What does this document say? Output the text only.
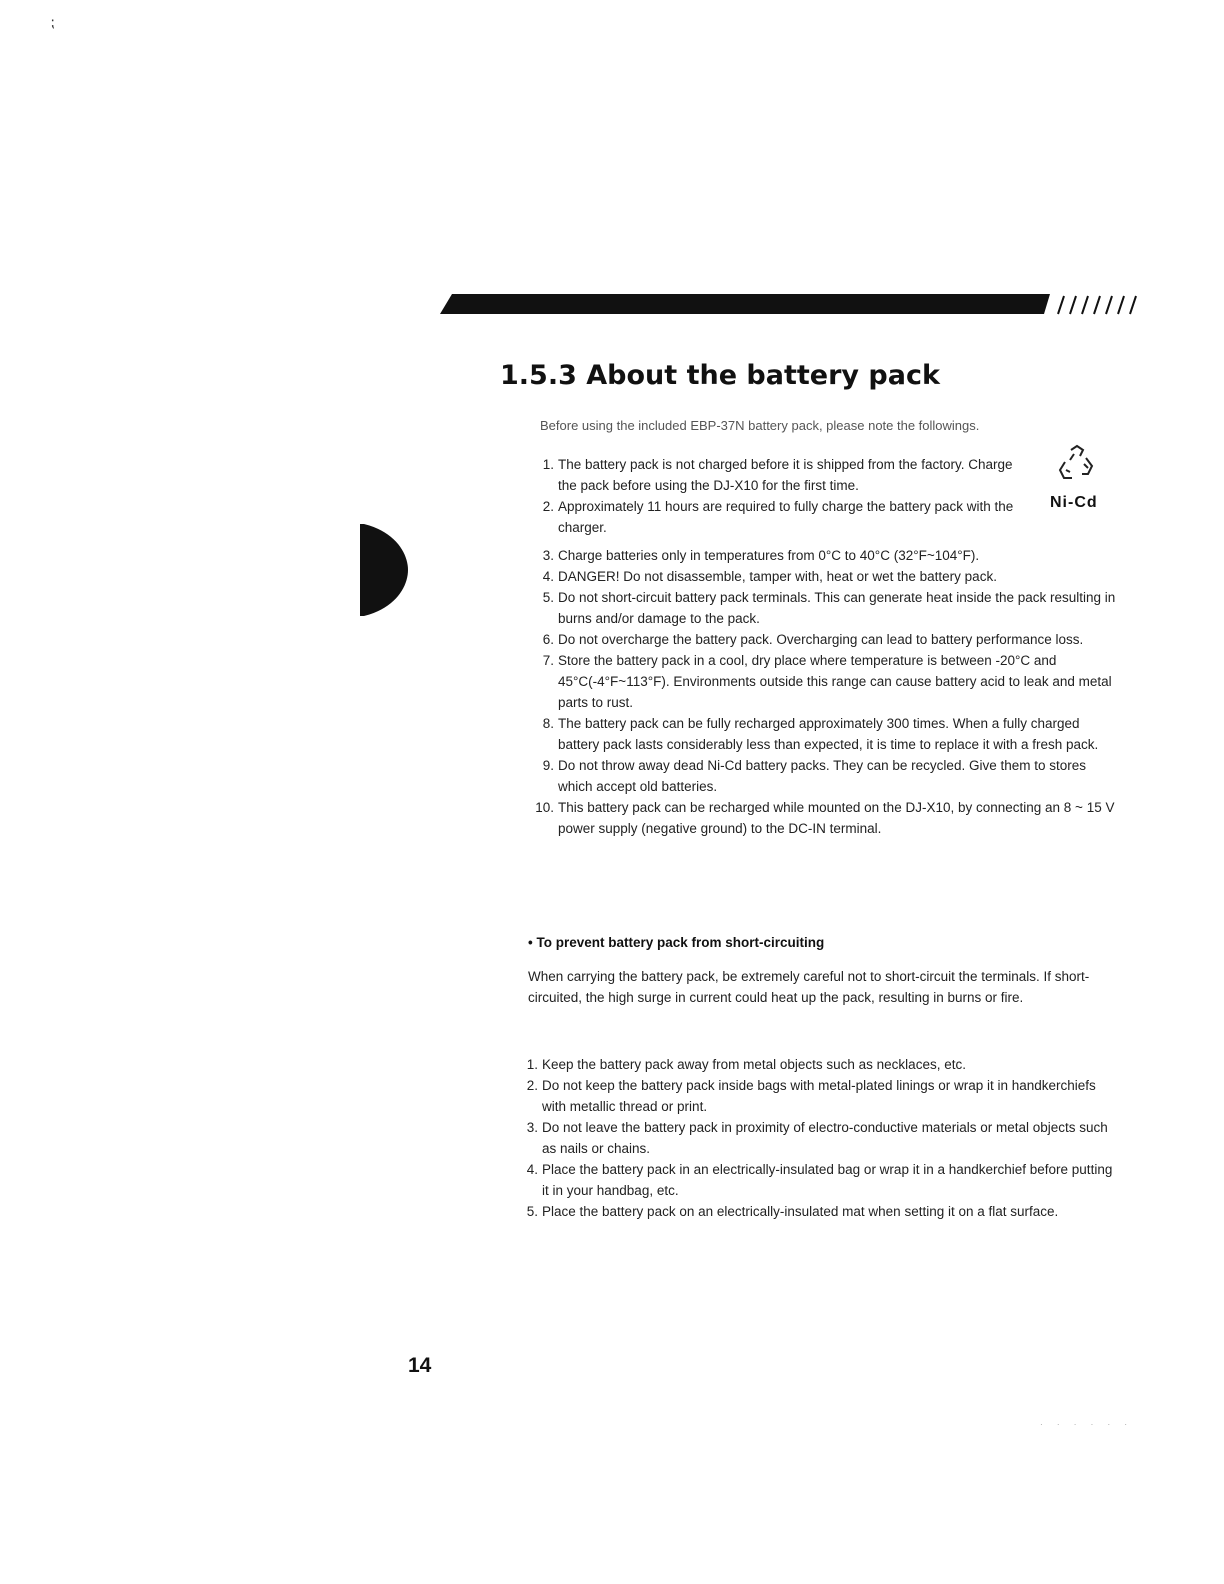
⁏
1.5.3 About the battery pack

Before using the included EBP-37N battery pack, please note the followings.

Ni-Cd
1. The battery pack is not charged before it is shipped from the factory. Charge the pack before using the DJ-X10 for the first time.
2. Approximately 11 hours are required to fully charge the battery pack with the charger.
3. Charge batteries only in temperatures from 0°C to 40°C (32°F~104°F).
4. DANGER! Do not disassemble, tamper with, heat or wet the battery pack.
5. Do not short-circuit battery pack terminals. This can generate heat inside the pack resulting in burns and/or damage to the pack.
6. Do not overcharge the battery pack. Overcharging can lead to battery performance loss.
7. Store the battery pack in a cool, dry place where temperature is between -20°C and 45°C(-4°F~113°F). Environments outside this range can cause battery acid to leak and metal parts to rust.
8. The battery pack can be fully recharged approximately 300 times. When a fully charged battery pack lasts considerably less than expected, it is time to replace it with a fresh pack.
9. Do not throw away dead Ni-Cd battery packs. They can be recycled. Give them to stores which accept old batteries.
10. This battery pack can be recharged while mounted on the DJ-X10, by connecting an 8 ~ 15 V power supply (negative ground) to the DC-IN terminal.
• To prevent battery pack from short-circuiting

When carrying the battery pack, be extremely careful not to short-circuit the terminals. If short-circuited, the high surge in current could heat up the pack, resulting in burns or fire.

1. Keep the battery pack away from metal objects such as necklaces, etc.
2. Do not keep the battery pack inside bags with metal-plated linings or wrap it in handkerchiefs with metallic thread or print.
3. Do not leave the battery pack in proximity of electro-conductive materials or metal objects such as nails or chains.
4. Place the battery pack in an electrically-insulated bag or wrap it in a handkerchief before putting it in your handbag, etc.
5. Place the battery pack on an electrically-insulated mat when setting it on a flat surface.
14
· · · · · ·
